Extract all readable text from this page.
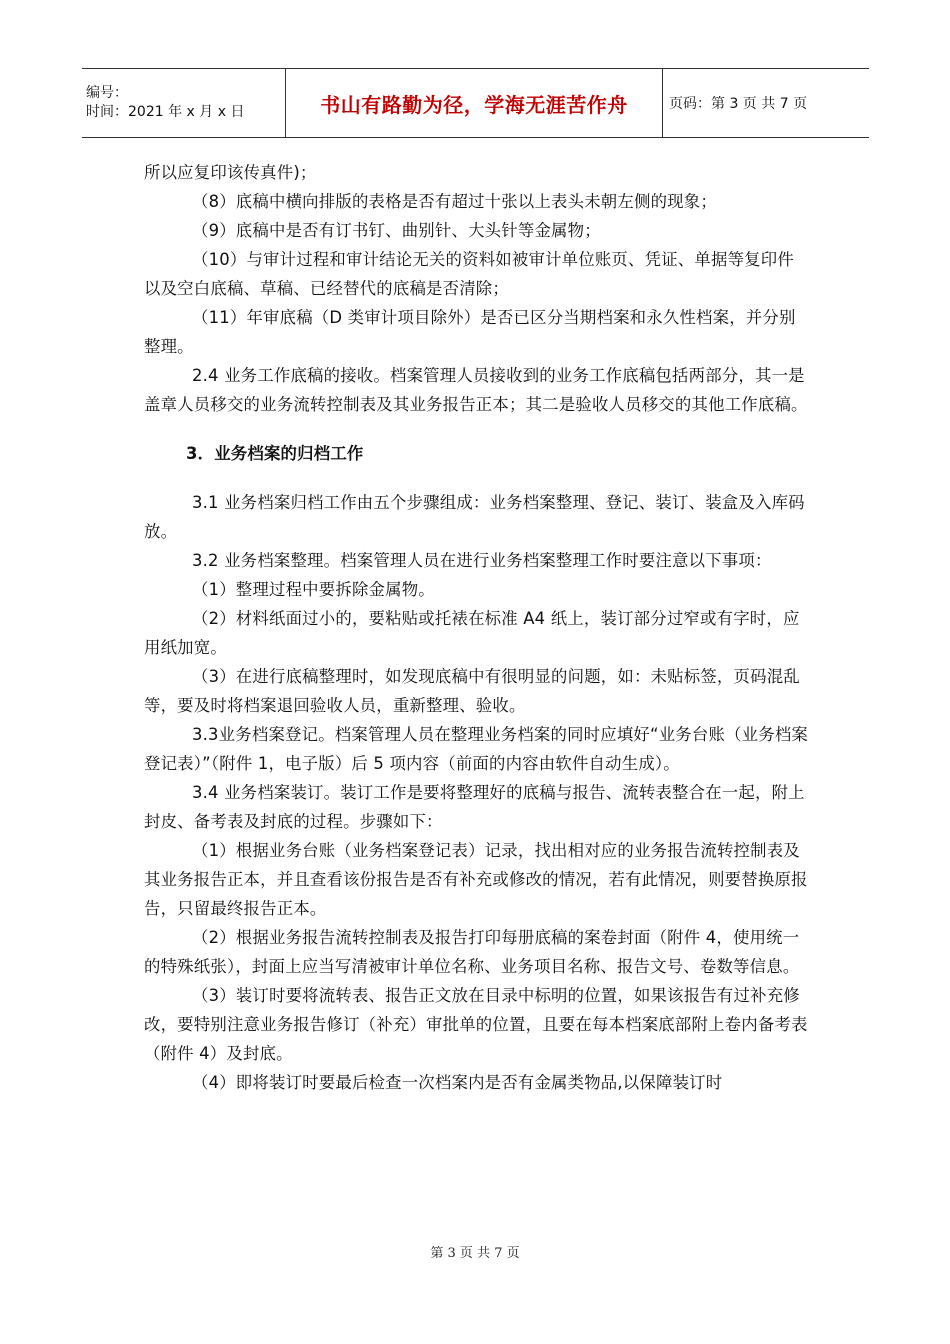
编号：
时间：2021 年 x 月 x 日	书山有路勤为径，学海无涯苦作舟	页码：第 3 页 共 7 页

所以应复印该传真件)；

（8）底稿中横向排版的表格是否有超过十张以上表头未朝左侧的现象；

（9）底稿中是否有订书钉、曲别针、大头针等金属物；

（10）与审计过程和审计结论无关的资料如被审计单位账页、凭证、单据等复印件以及空白底稿、草稿、已经替代的底稿是否清除；

（11）年审底稿（D 类审计项目除外）是否已区分当期档案和永久性档案，并分别整理。

2.4 业务工作底稿的接收。档案管理人员接收到的业务工作底稿包括两部分，其一是盖章人员移交的业务流转控制表及其业务报告正本；其二是验收人员移交的其他工作底稿。

3．业务档案的归档工作

3.1 业务档案归档工作由五个步骤组成：业务档案整理、登记、装订、装盒及入库码放。

3.2 业务档案整理。档案管理人员在进行业务档案整理工作时要注意以下事项：

（1）整理过程中要拆除金属物。

（2）材料纸面过小的，要粘贴或托裱在标准 A4 纸上，装订部分过窄或有字时，应用纸加宽。

（3）在进行底稿整理时，如发现底稿中有很明显的问题，如：未贴标签，页码混乱等，要及时将档案退回验收人员，重新整理、验收。

3.3业务档案登记。档案管理人员在整理业务档案的同时应填好“业务台账（业务档案登记表）”（附件 1，电子版）后 5 项内容（前面的内容由软件自动生成）。

3.4 业务档案装订。装订工作是要将整理好的底稿与报告、流转表整合在一起，附上封皮、备考表及封底的过程。步骤如下：

（1）根据业务台账（业务档案登记表）记录，找出相对应的业务报告流转控制表及其业务报告正本，并且查看该份报告是否有补充或修改的情况，若有此情况，则要替换原报告，只留最终报告正本。

（2）根据业务报告流转控制表及报告打印每册底稿的案卷封面（附件 4，使用统一的特殊纸张），封面上应当写清被审计单位名称、业务项目名称、报告文号、卷数等信息。

（3）装订时要将流转表、报告正文放在目录中标明的位置，如果该报告有过补充修改，要特别注意业务报告修订（补充）审批单的位置，且要在每本档案底部附上卷内备考表（附件 4）及封底。

（4）即将装订时要最后检查一次档案内是否有金属类物品,以保障装订时

第 3 页 共 7 页
